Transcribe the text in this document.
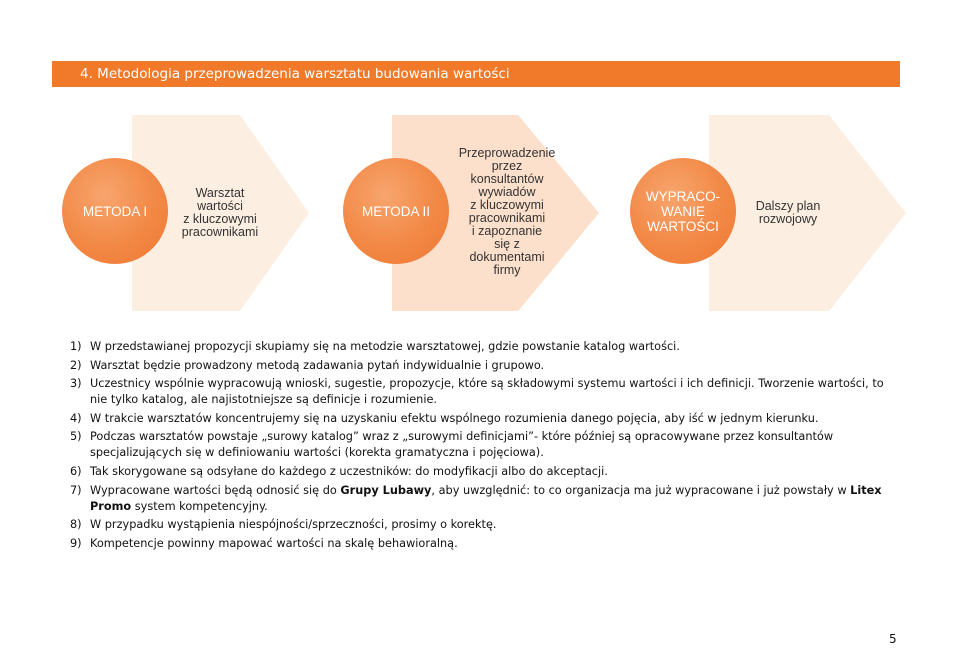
4. Metodologia przeprowadzenia warsztatu budowania wartości
METODA I
Warsztat
wartości
z kluczowymi
pracownikami
METODA II
Przeprowadzenie
przez
konsultantów
wywiadów
z kluczowymi
pracownikami
i zapoznanie
się z
dokumentami
firmy
WYPRACO-
WANIE
WARTOŚCI
Dalszy plan
rozwojowy
1) W przedstawianej propozycji skupiamy się na metodzie warsztatowej, gdzie powstanie katalog wartości.
2) Warsztat będzie prowadzony metodą zadawania pytań indywidualnie i grupowo.
3) Uczestnicy wspólnie wypracowują wnioski, sugestie, propozycje, które są składowymi systemu wartości i ich definicji. Tworzenie wartości, to nie tylko katalog, ale najistotniejsze są definicje i rozumienie.
4) W trakcie warsztatów koncentrujemy się na uzyskaniu efektu wspólnego rozumienia danego pojęcia, aby iść w jednym kierunku.
5) Podczas warsztatów powstaje „surowy katalog” wraz z „surowymi definicjami”- które później są opracowywane przez konsultantów specjalizujących się w definiowaniu wartości (korekta gramatyczna i pojęciowa).
6) Tak skorygowane są odsyłane do każdego z uczestników: do modyfikacji albo do akceptacji.
7) Wypracowane wartości będą odnosić się do Grupy Lubawy, aby uwzględnić: to co organizacja ma już wypracowane i już powstały w Litex Promo system kompetencyjny.
8) W przypadku wystąpienia niespójności/sprzeczności, prosimy o korektę.
9) Kompetencje powinny mapować wartości na skalę behawioralną.
5
